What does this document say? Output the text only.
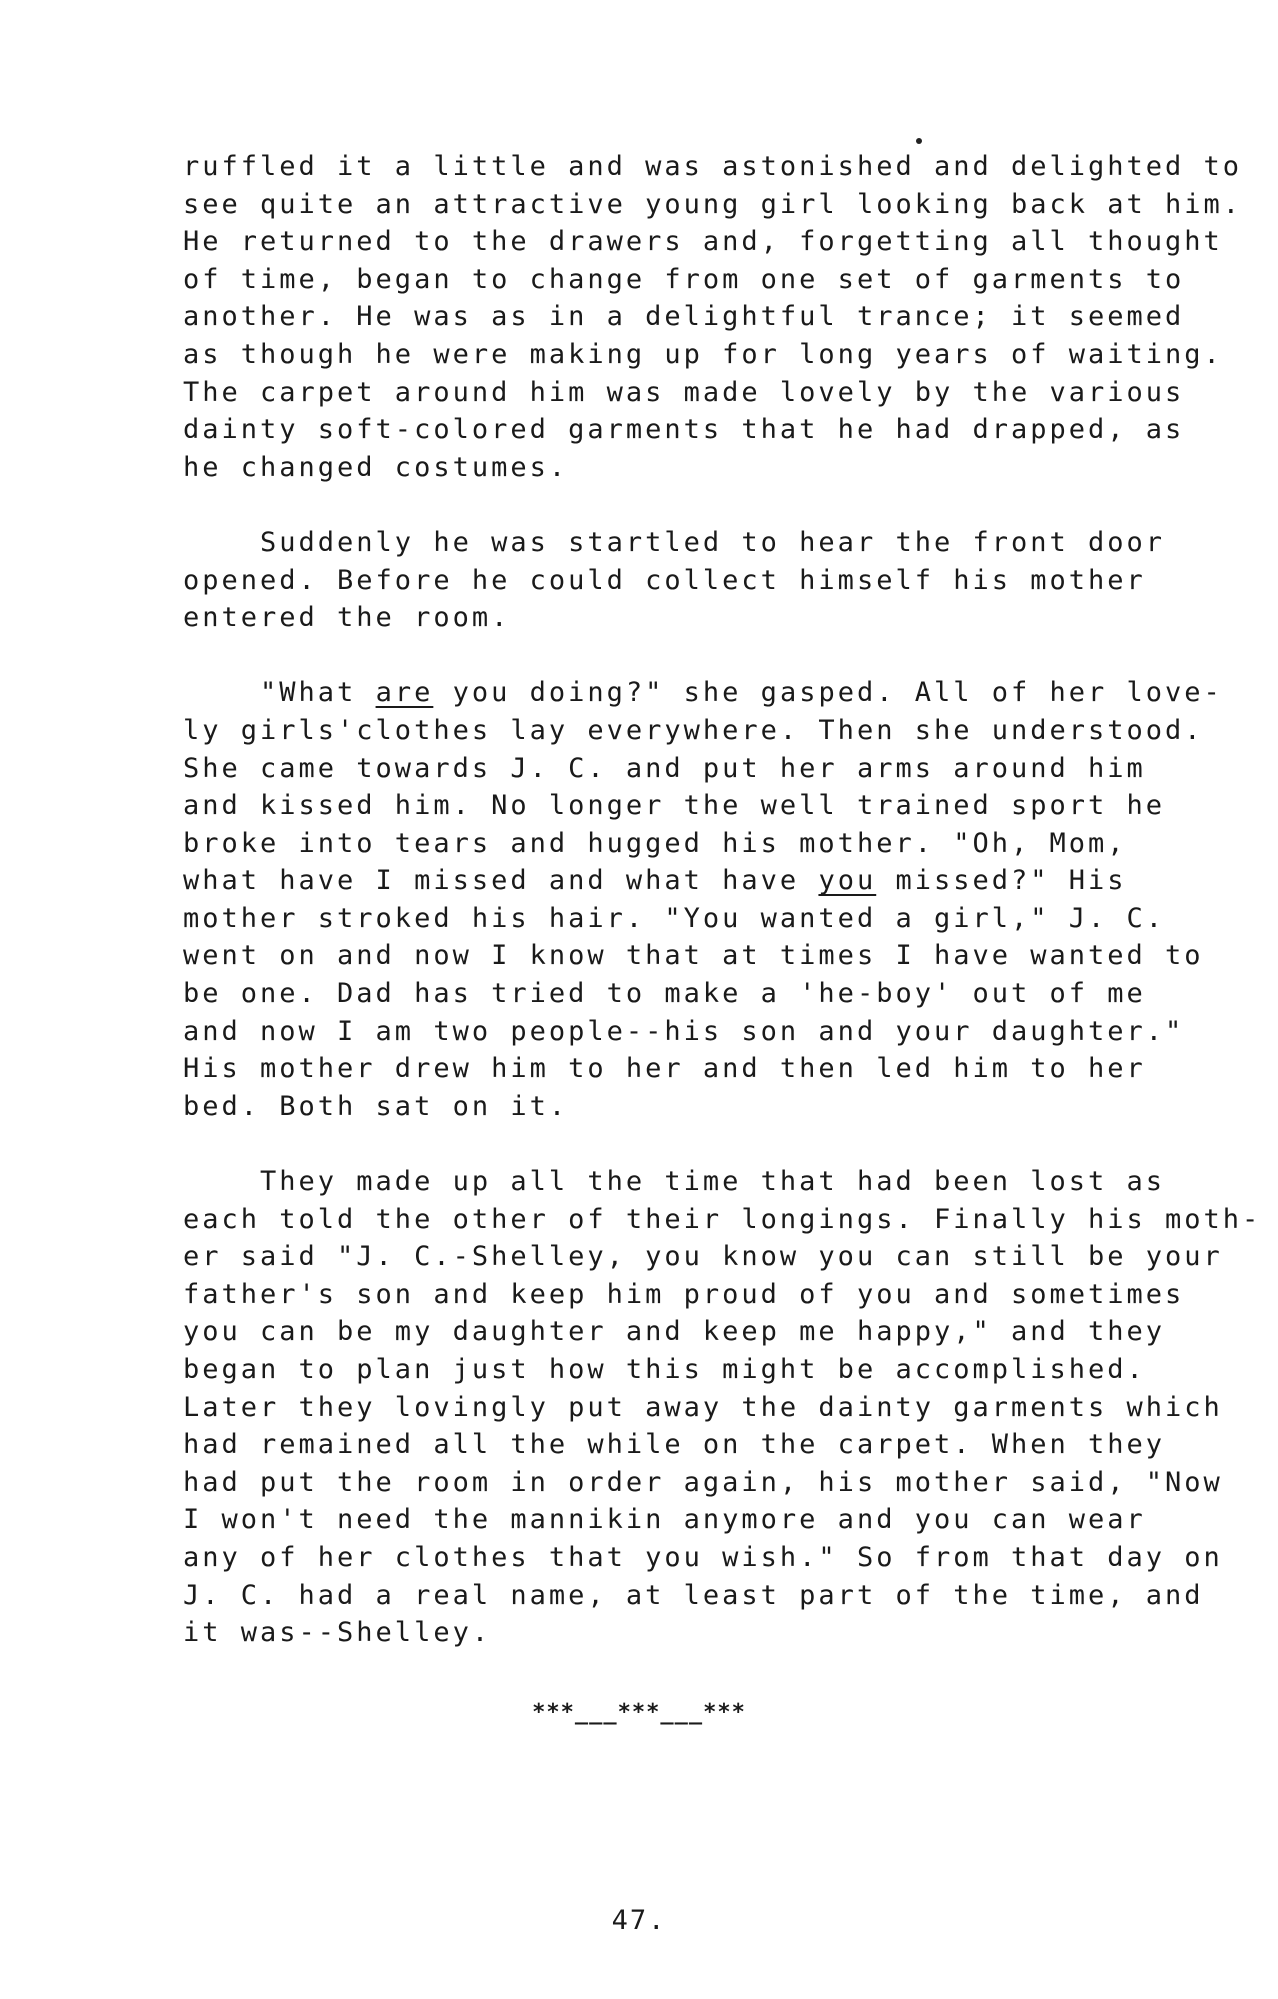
ruffled it a little and was astonished and delighted to
see quite an attractive young girl looking back at him.
He returned to the drawers and, forgetting all thought
of time, began to change from one set of garments to
another. He was as in a delightful trance; it seemed
as though he were making up for long years of waiting.
The carpet around him was made lovely by the various
dainty soft-colored garments that he had drapped, as
he changed costumes.
Suddenly he was startled to hear the front door
opened. Before he could collect himself his mother
entered the room.
"What are you doing?" she gasped. All of her love-
ly girls'clothes lay everywhere. Then she understood.
She came towards J. C. and put her arms around him
and kissed him. No longer the well trained sport he
broke into tears and hugged his mother. "Oh, Mom,
what have I missed and what have you missed?" His
mother stroked his hair. "You wanted a girl," J. C.
went on and now I know that at times I have wanted to
be one. Dad has tried to make a 'he-boy' out of me
and now I am two people--his son and your daughter."
His mother drew him to her and then led him to her
bed. Both sat on it.
They made up all the time that had been lost as
each told the other of their longings. Finally his moth-
er said "J. C.-Shelley, you know you can still be your
father's son and keep him proud of you and sometimes
you can be my daughter and keep me happy," and they
began to plan just how this might be accomplished.
Later they lovingly put away the dainty garments which
had remained all the while on the carpet. When they
had put the room in order again, his mother said, "Now
I won't need the mannikin anymore and you can wear
any of her clothes that you wish." So from that day on
J. C. had a real name, at least part of the time, and
it was--Shelley.
***___***___***
47.
